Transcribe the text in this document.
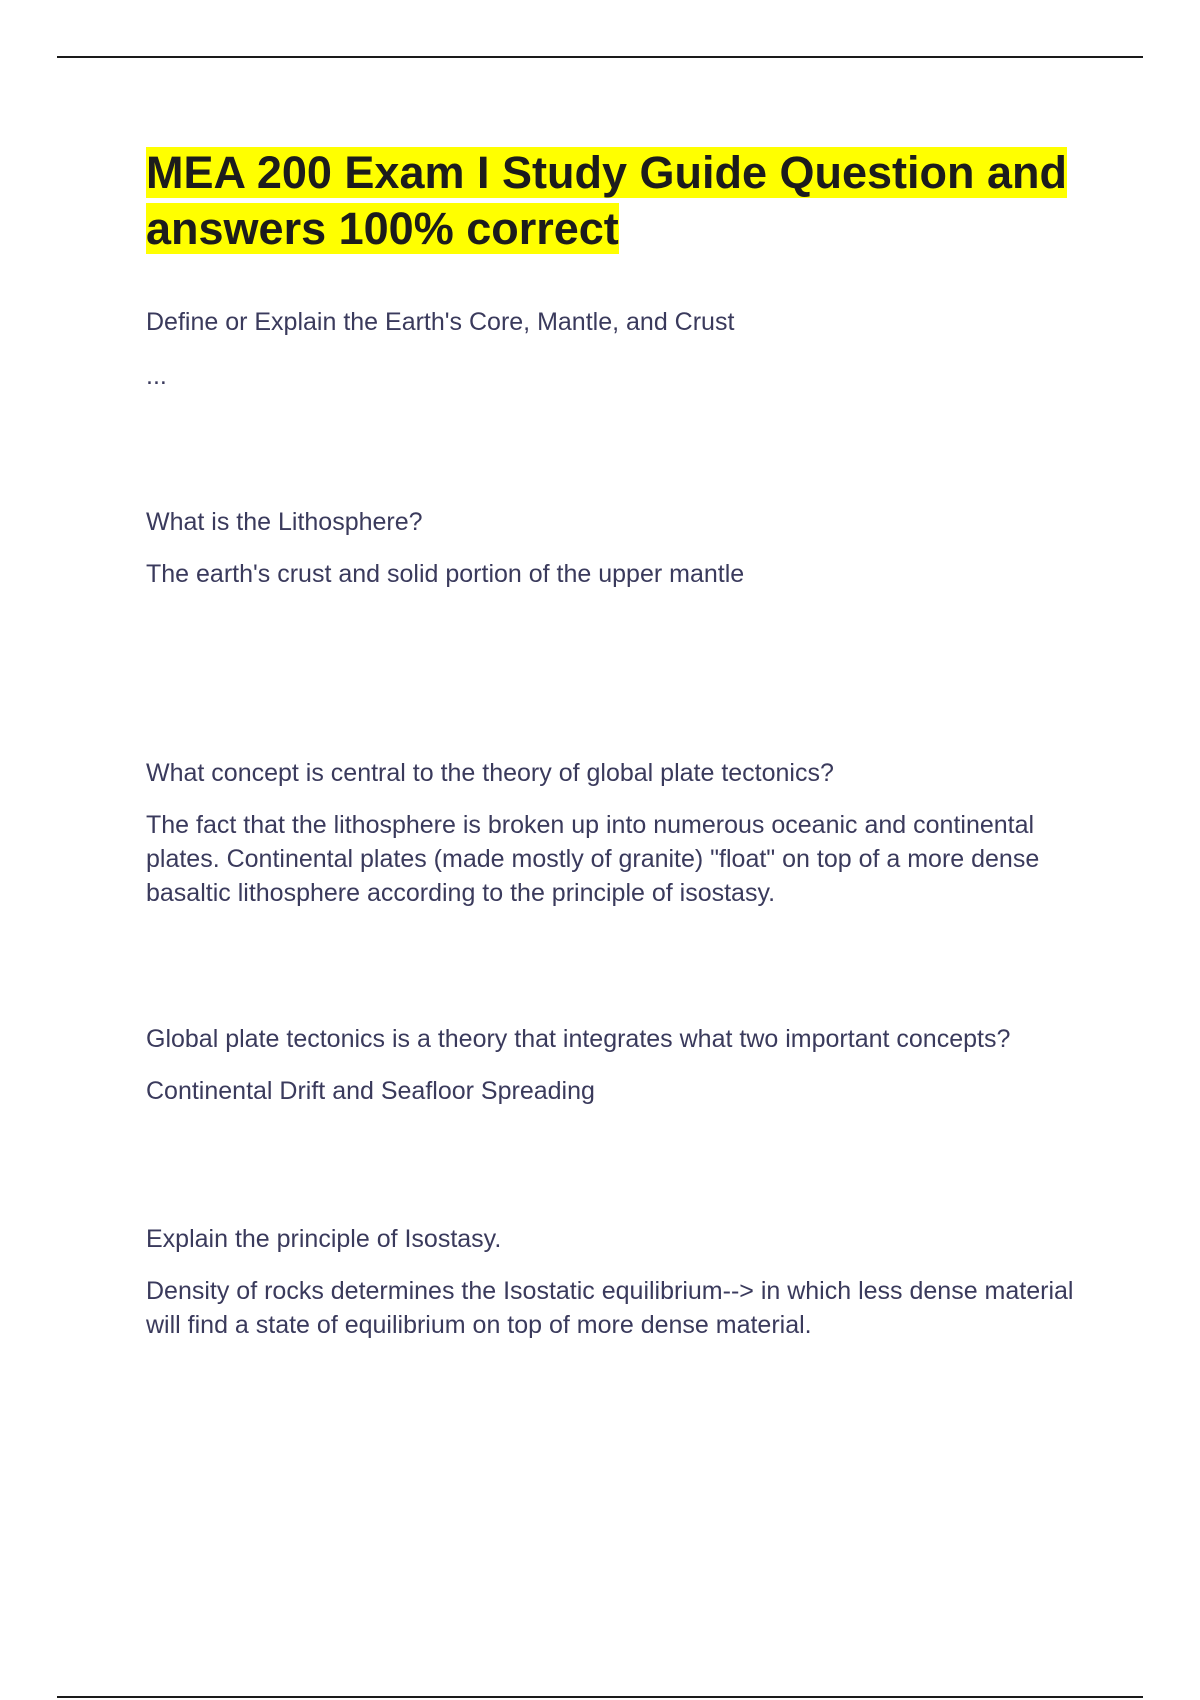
MEA 200 Exam I Study Guide Question and answers 100% correct

Define or Explain the Earth's Core, Mantle, and Crust

...

What is the Lithosphere?

The earth's crust and solid portion of the upper mantle

What concept is central to the theory of global plate tectonics?

The fact that the lithosphere is broken up into numerous oceanic and continental plates. Continental plates (made mostly of granite) "float" on top of a more dense basaltic lithosphere according to the principle of isostasy.

Global plate tectonics is a theory that integrates what two important concepts?

Continental Drift and Seafloor Spreading

Explain the principle of Isostasy.

Density of rocks determines the Isostatic equilibrium--> in which less dense material will find a state of equilibrium on top of more dense material.
